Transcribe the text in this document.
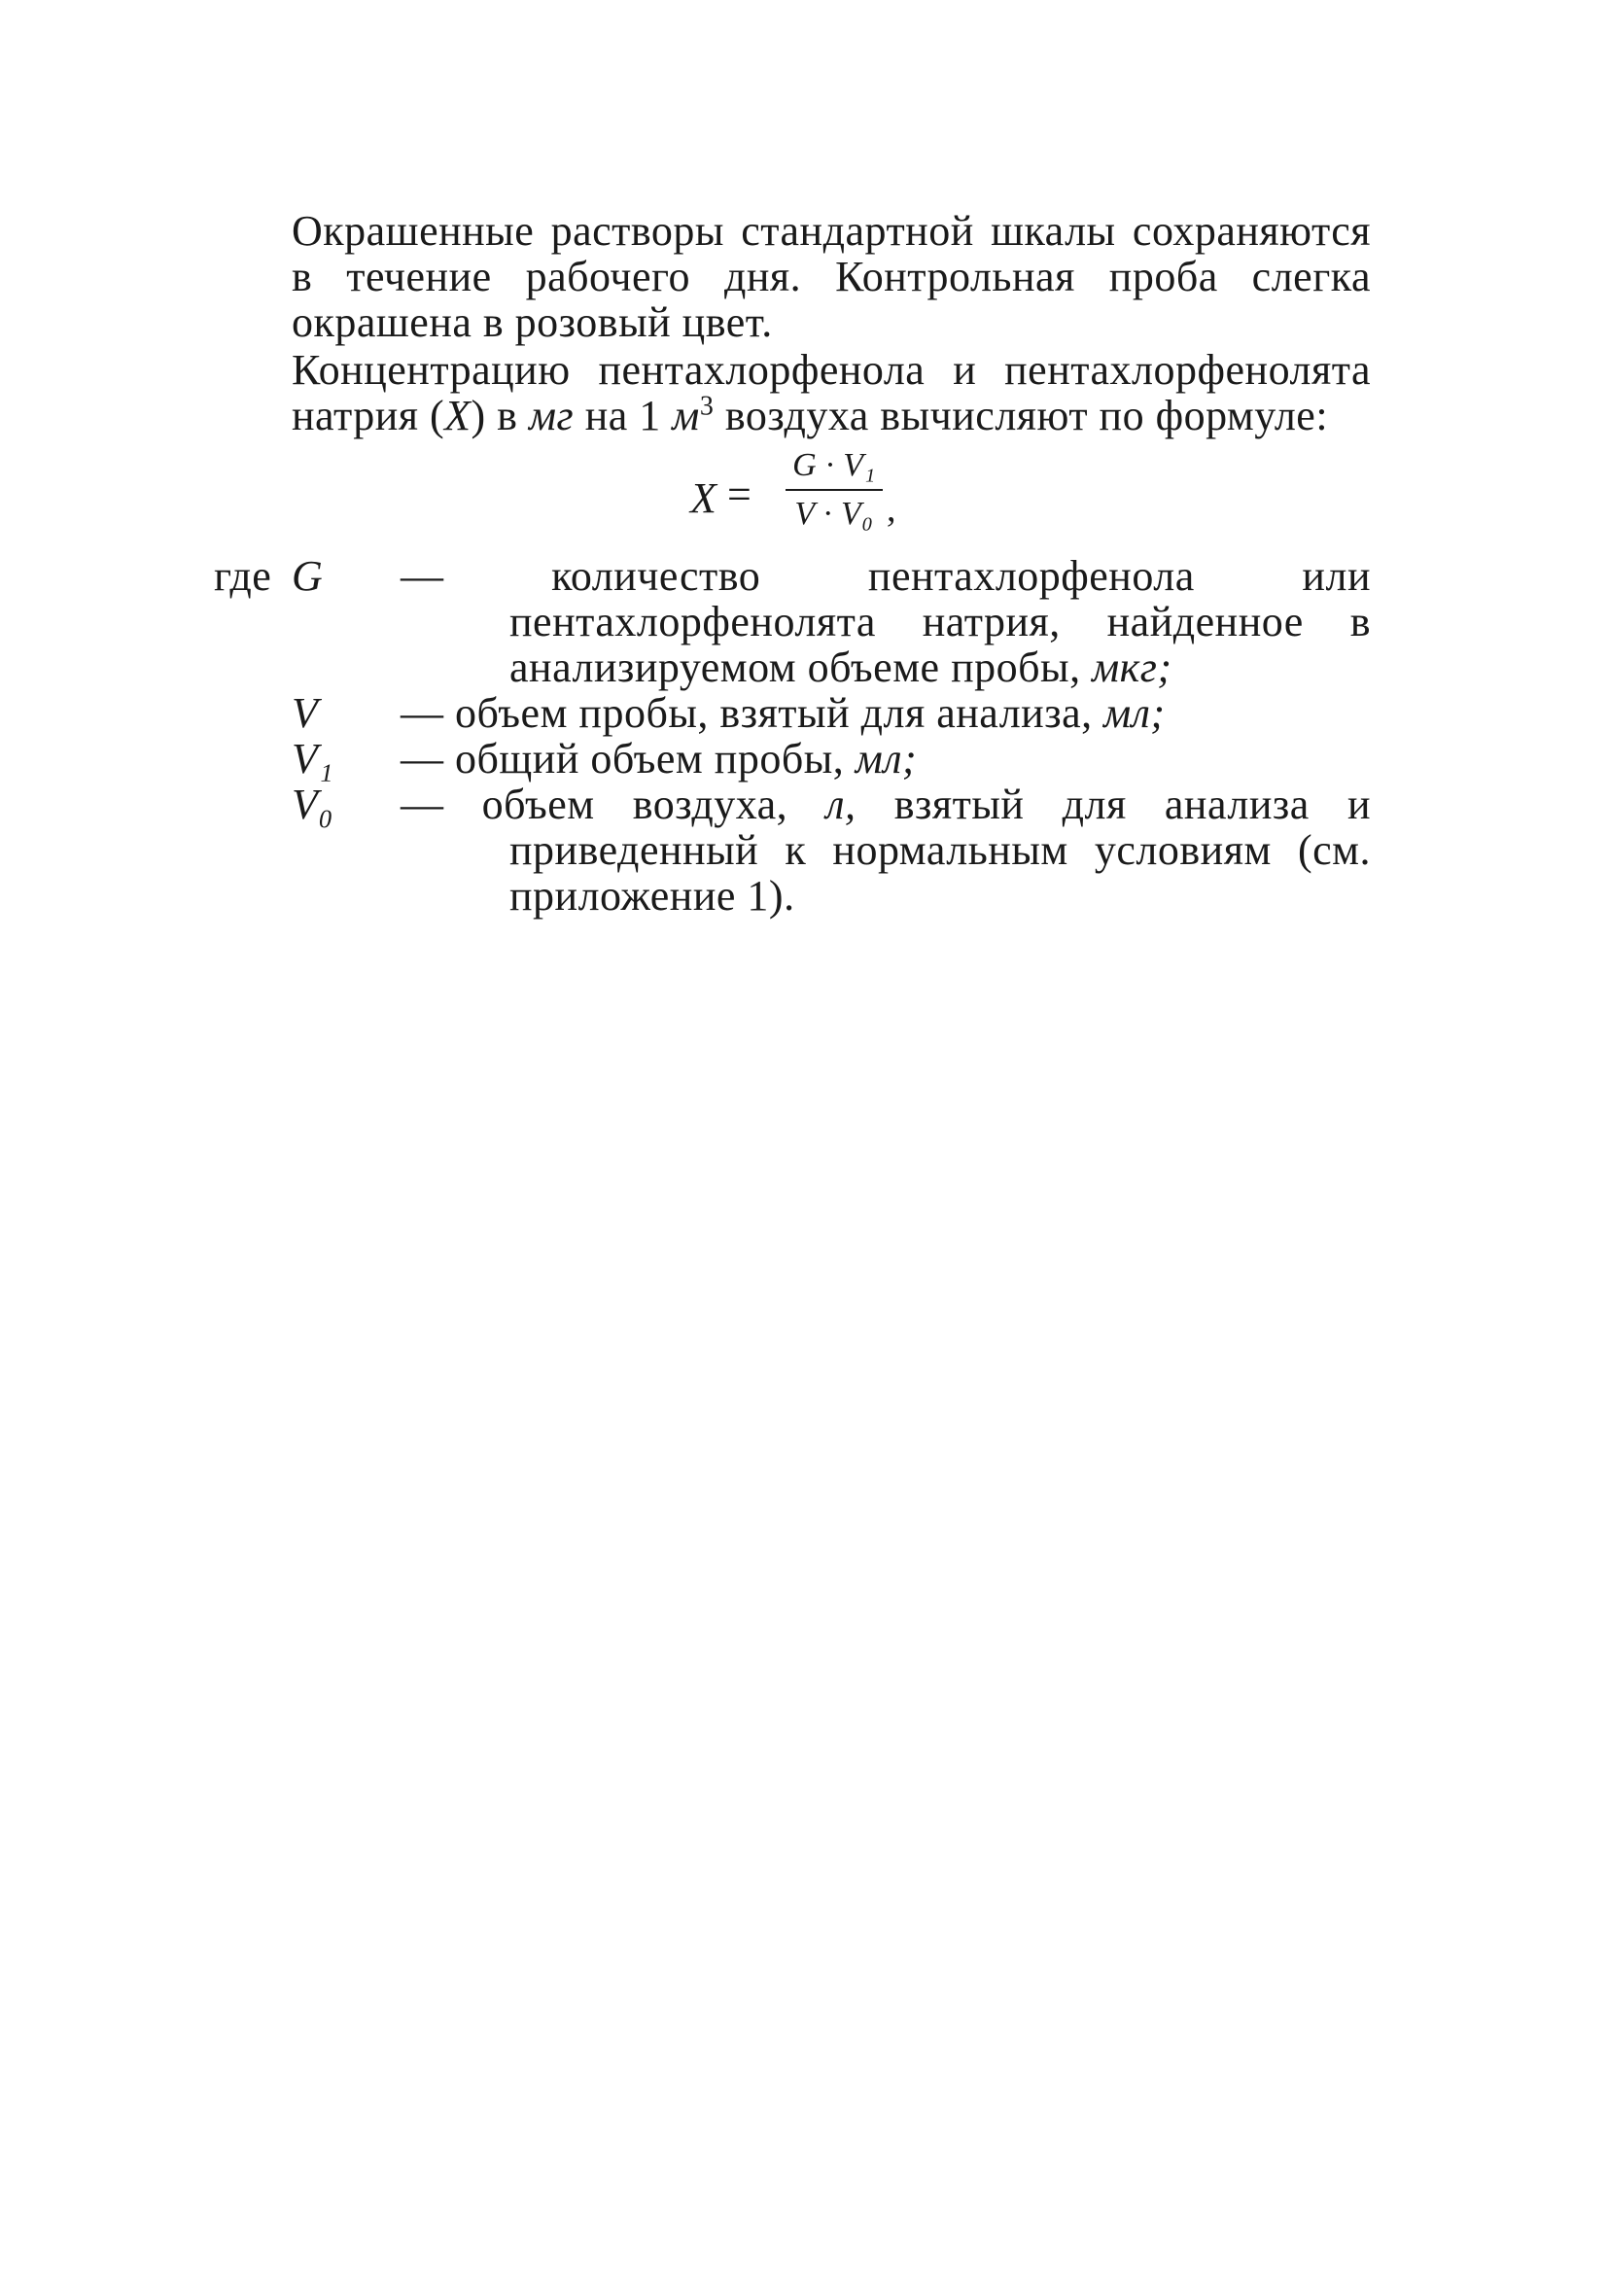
Окрашенные растворы стандартной шкалы сохраняются в течение рабочего дня. Контрольная проба слегка окрашена в розовый цвет.

Концентрацию пентахлорфенола и пентахлорфенолята натрия (X) в мг на 1 $м^3$ воздуха вычисляют по формуле:

X =
G · V₁
V · V₀ ,
где G	— количество пентахлорфенола или пентахлорфенолята натрия, найденное в анализируемом объеме пробы, мкг;
V	— объем пробы, взятый для анализа, мл;
V₁	— общий объем пробы, мл;
V₀	— объем воздуха, л, взятый для анализа и приведенный к нормальным условиям (см. приложение 1).
